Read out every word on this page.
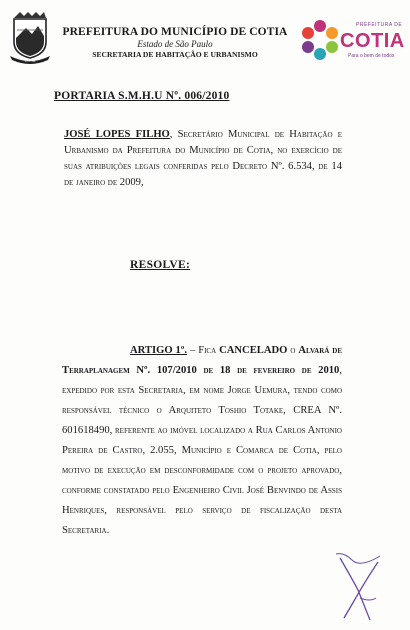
COTIA
PREFEITURA DO MUNICÍPIO DE COTIA
Estado de São Paulo
SECRETARIA DE HABITAÇÃO E URBANISMO
PREFEITURA DE
COTIA
Para o bem de todos
PORTARIA S.M.H.U Nº. 006/2010
JOSÉ LOPES FILHO, Secretário Municipal de Habitação e Urbanismo da Prefeitura do Município de Cotia, no exercício de suas atribuições legais conferidas pelo Decreto Nº. 6.534, de 14 de janeiro de 2009,
RESOLVE:
ARTIGO 1º. – Fica CANCELADO o Alvará de Terraplanagem Nº. 107/2010 de 18 de fevereiro de 2010, expedido por esta Secretaria, em nome Jorge Uemura, tendo como responsável técnico o Arquiteto Toshio Totake, CREA Nº. 601618490, referente ao imóvel localizado a Rua Carlos Antonio Pereira de Castro, 2.055, Município e Comarca de Cotia, pelo motivo de execução em desconformidade com o projeto aprovado, conforme constatado pelo Engenheiro Civil José Benvindo de Assis Henriques, responsável pelo serviço de fiscalização desta Secretaria.
